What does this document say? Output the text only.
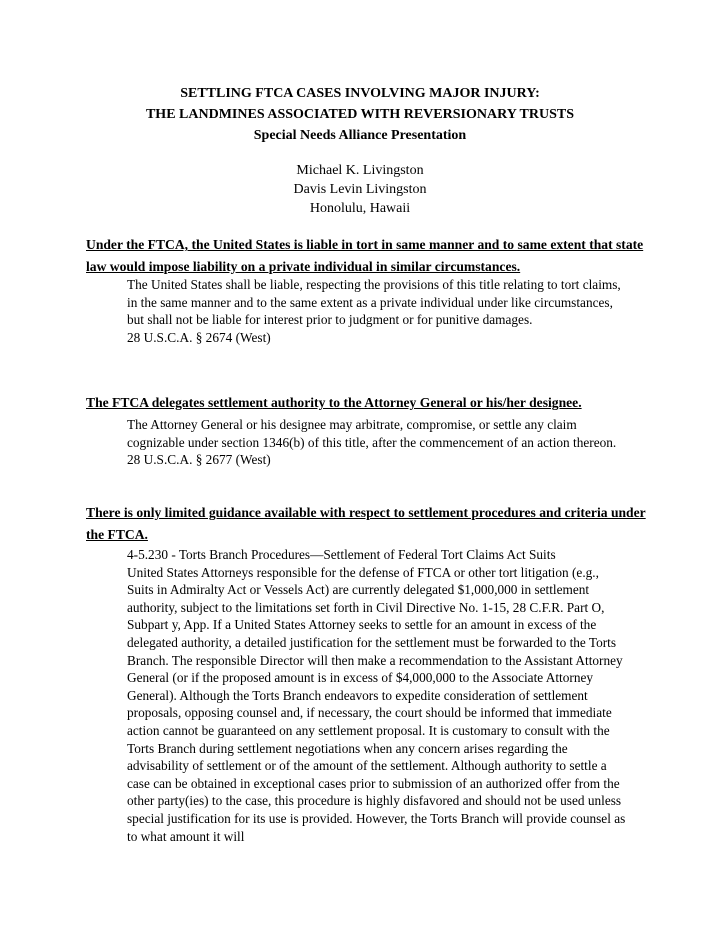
SETTLING FTCA CASES INVOLVING MAJOR INJURY:
THE LANDMINES ASSOCIATED WITH REVERSIONARY TRUSTS
Special Needs Alliance Presentation
Michael K. Livingston
Davis Levin Livingston
Honolulu, Hawaii
Under the FTCA, the United States is liable in tort in same manner and to same extent that state law would impose liability on a private individual in similar circumstances.
The United States shall be liable, respecting the provisions of this title relating to tort claims, in the same manner and to the same extent as a private individual under like circumstances, but shall not be liable for interest prior to judgment or for punitive damages.
28 U.S.C.A. § 2674 (West)
The FTCA delegates settlement authority to the Attorney General or his/her designee.
The Attorney General or his designee may arbitrate, compromise, or settle any claim cognizable under section 1346(b) of this title, after the commencement of an action thereon.
28 U.S.C.A. § 2677 (West)
There is only limited guidance available with respect to settlement procedures and criteria under the FTCA.
4-5.230 - Torts Branch Procedures—Settlement of Federal Tort Claims Act Suits
United States Attorneys responsible for the defense of FTCA or other tort litigation (e.g., Suits in Admiralty Act or Vessels Act) are currently delegated $1,000,000 in settlement authority, subject to the limitations set forth in Civil Directive No. 1-15, 28 C.F.R. Part O, Subpart y, App. If a United States Attorney seeks to settle for an amount in excess of the delegated authority, a detailed justification for the settlement must be forwarded to the Torts Branch. The responsible Director will then make a recommendation to the Assistant Attorney General (or if the proposed amount is in excess of $4,000,000 to the Associate Attorney General). Although the Torts Branch endeavors to expedite consideration of settlement proposals, opposing counsel and, if necessary, the court should be informed that immediate action cannot be guaranteed on any settlement proposal. It is customary to consult with the Torts Branch during settlement negotiations when any concern arises regarding the advisability of settlement or of the amount of the settlement. Although authority to settle a case can be obtained in exceptional cases prior to submission of an authorized offer from the other party(ies) to the case, this procedure is highly disfavored and should not be used unless special justification for its use is provided. However, the Torts Branch will provide counsel as to what amount it will
